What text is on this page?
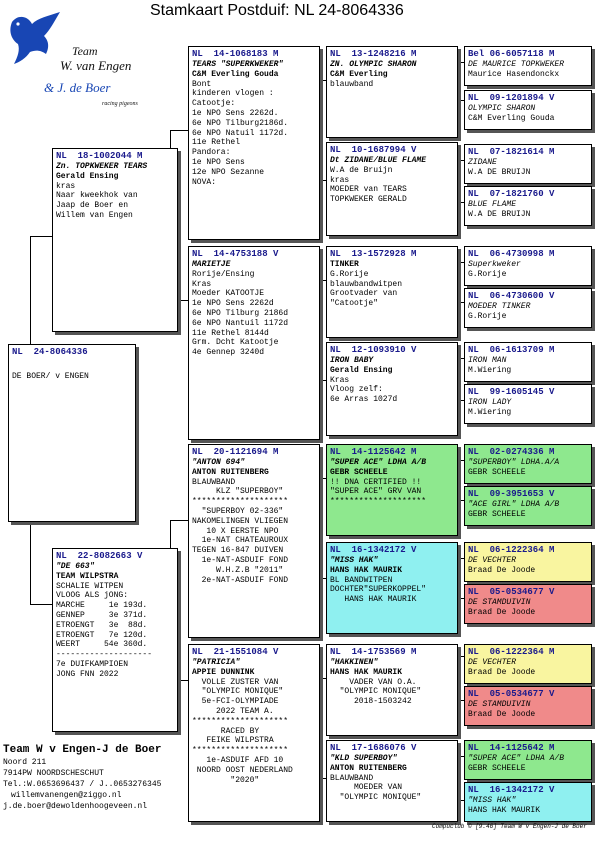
Stamkaart Postduif: NL 24-8064336
Team
W. van Engen
& J. de Boer
racing pigeons
NL  24-8064336
DE BOER/ v ENGEN
NL  18-1002044 M
Zn. TOPKWEKER TEARS
Gerald Ensing
kras
Naar kweekhok van
Jaap de Boer en
Willem van Engen
NL  22-8082663 V
"DE 663"
TEAM WILPSTRA
SCHALIE WITPEN
VLOOG ALS jONG:
MARCHE     1e 193d.
GENNEP     3e 371d.
ETROENGT   3e  88d.
ETROENGT   7e 120d.
WEERT     54e 360d.
--------------------
7e DUIFKAMPIOEN
JONG FNN 2022
NL  14-1068183 M
TEARS "SUPERKWEKER"
C&M Everling Gouda
Bont
kinderen vlogen :
Catootje:
1e NPO Sens 2262d.
6e NPO Tilburg2186d.
6e NPO Natuil 1172d.
11e Rethel
Pandora:
1e NPO Sens
12e NPO Sezanne
NOVA:
NL  14-4753188 V
MARIETJE
Rorije/Ensing
Kras
Moeder KATOOTJE
1e NPO Sens 2262d
6e NPO Tilburg 2186d
6e NPO Nantuil 1172d
11e Rethel 8144d
Grm. Dcht Katootje
4e Gennep 3240d
NL  20-1121694 M
"ANTON 694"
ANTON RUITENBERG
BLAUWBAND
KLZ "SUPERBOY"
********************
"SUPERBOY 02-336"
NAKOMELINGEN VLIEGEN
10 X EERSTE NPO
1e-NAT CHATEAUROUX
TEGEN 16-847 DUIVEN
1e-NAT-ASDUIF FOND
W.H.Z.B "2011"
2e-NAT-ASDUIF FOND
NL  21-1551084 V
"PATRICIA"
APPIE DUNNINK
VOLLE ZUSTER VAN
"OLYMPIC MONIQUE"
5e-FCI-OLYMPIADE
2022 TEAM A.
********************
RACED BY
FEIKE WILPSTRA
********************
1e-ASDUIF AFD 10
NOORD OOST NEDERLAND
"2020"
NL  13-1248216 M
ZN. OLYMPIC SHARON
C&M Everling
blauwband
NL  10-1687994 V
Dt ZIDANE/BLUE FLAME
W.A de Bruijn
kras
MOEDER van TEARS
TOPKWEKER GERALD
NL  13-1572928 M
TINKER
G.Rorije
blauwbandwitpen
Grootvader van
"Catootje"
NL  12-1093910 V
IRON BABY
Gerald Ensing
Kras
Vloog zelf:
6e Arras 1027d
NL  14-1125642 M
"SUPER ACE" LDHA A/B
GEBR SCHEELE
!! DNA CERTIFIED !!
"SUPER ACE" GRV VAN
********************
NL  16-1342172 V
"MISS HAK"
HANS HAK MAURIK
BL BANDWITPEN
DOCHTER"SUPERKOPPEL"
HANS HAK MAURIK
NL  14-1753569 M
"HAKKINEN"
HANS HAK MAURIK
VADER VAN O.A.
"OLYMPIC MONIQUE"
2018-1503242
NL  17-1686076 V
"KLD SUPERBOY"
ANTON RUITENBERG
BLAUWBAND
MOEDER VAN
"OLYMPIC MONIQUE"
Bel 06-6057118 M
DE MAURICE TOPKWEKER
Maurice Hasendonckx
NL  09-1201894 V
OLYMPIC SHARON
C&M Everling Gouda
NL  07-1821614 M
ZIDANE
W.A DE BRUIJN
NL  07-1821760 V
BLUE FLAME
W.A DE BRUIJN
NL  06-4730998 M
Superkweker
G.Rorije
NL  06-4730600 V
MOEDER TINKER
G.Rorije
NL  06-1613709 M
IRON MAN
M.Wiering
NL  99-1605145 V
IRON LADY
M.Wiering
NL  02-0274336 M
"SUPERBOY" LDHA.A/A
GEBR SCHEELE
NL  09-3951653 V
"ACE GIRL" LDHA A/B
GEBR SCHEELE
NL  06-1222364 M
DE VECHTER
Braad De Joode
NL  05-0534677 V
DE STAMDUIVIN
Braad De Joode
NL  06-1222364 M
DE VECHTER
Braad De Joode
NL  05-0534677 V
DE STAMDUIVIN
Braad De Joode
NL  14-1125642 M
"SUPER ACE" LDHA A/B
GEBR SCHEELE
NL  16-1342172 V
"MISS HAK"
HANS HAK MAURIK
Team W v Engen-J de Boer
Noord 211
7914PW NOORDSCHESCHUT
Tel.:W.0653696437 / J..0653276345
willemvanengen@ziggo.nl
j.de.boer@dewoldenhoogeveen.nl
Compuclub © [9.46] Team W v Engen-J de Boer
